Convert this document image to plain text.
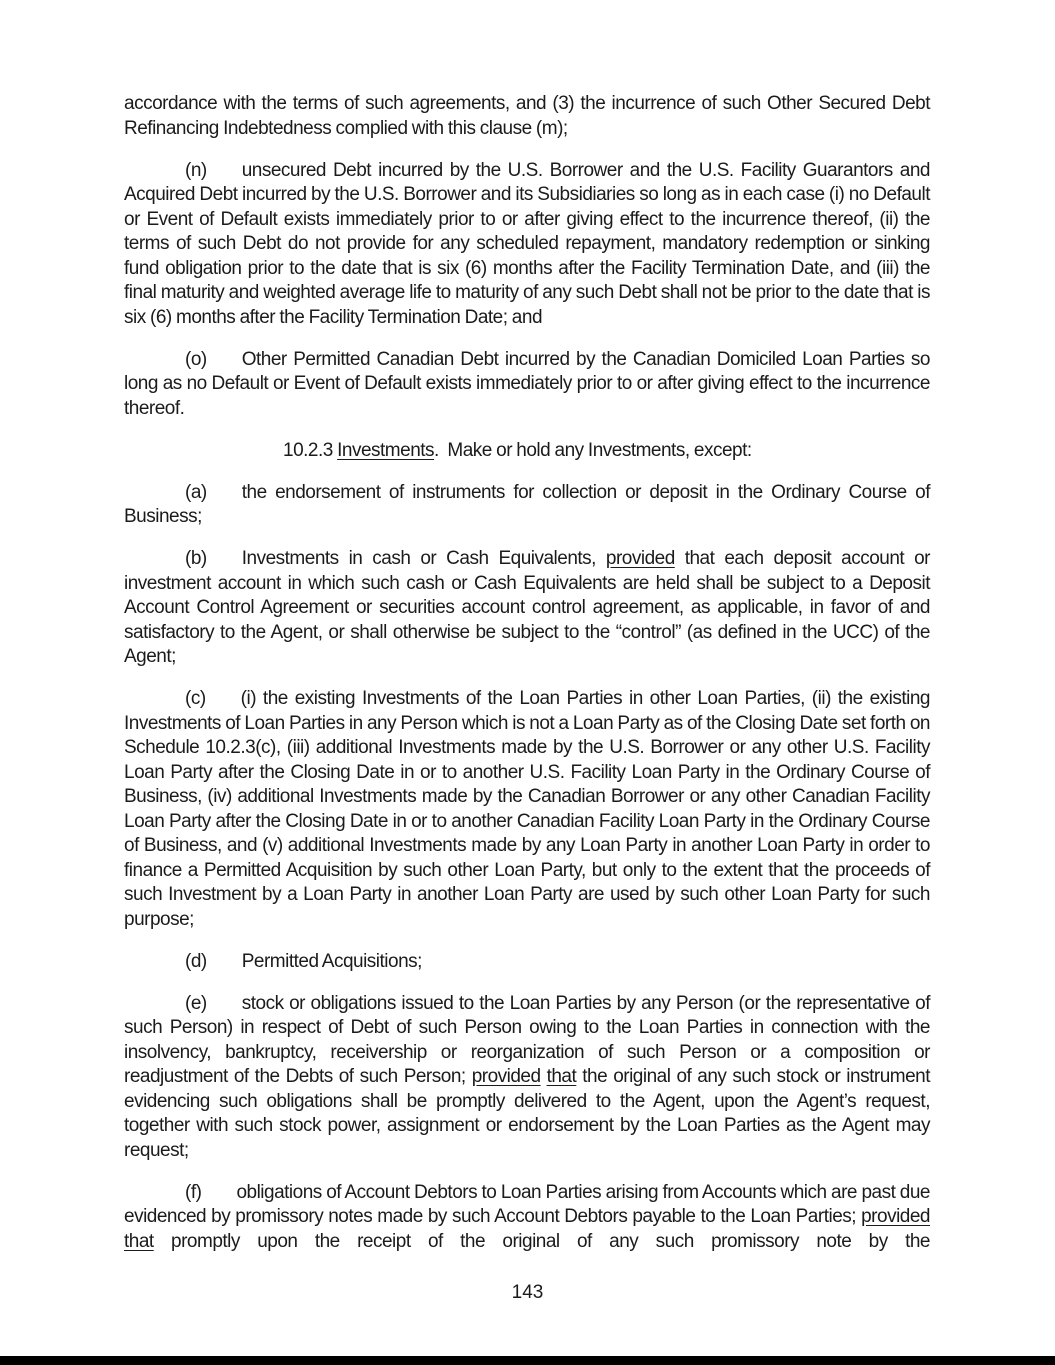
accordance with the terms of such agreements, and (3) the incurrence of such Other Secured Debt Refinancing Indebtedness complied with this clause (m);

(n) unsecured Debt incurred by the U.S. Borrower and the U.S. Facility Guarantors and Acquired Debt incurred by the U.S. Borrower and its Subsidiaries so long as in each case (i) no Default or Event of Default exists immediately prior to or after giving effect to the incurrence thereof, (ii) the terms of such Debt do not provide for any scheduled repayment, mandatory redemption or sinking fund obligation prior to the date that is six (6) months after the Facility Termination Date, and (iii) the final maturity and weighted average life to maturity of any such Debt shall not be prior to the date that is six (6) months after the Facility Termination Date; and

(o) Other Permitted Canadian Debt incurred by the Canadian Domiciled Loan Parties so long as no Default or Event of Default exists immediately prior to or after giving effect to the incurrence thereof.

10.2.3 Investments.  Make or hold any Investments, except:

(a) the endorsement of instruments for collection or deposit in the Ordinary Course of Business;

(b) Investments in cash or Cash Equivalents, provided that each deposit account or investment account in which such cash or Cash Equivalents are held shall be subject to a Deposit Account Control Agreement or securities account control agreement, as applicable, in favor of and satisfactory to the Agent, or shall otherwise be subject to the “control” (as defined in the UCC) of the Agent;

(c) (i) the existing Investments of the Loan Parties in other Loan Parties, (ii) the existing Investments of Loan Parties in any Person which is not a Loan Party as of the Closing Date set forth on Schedule 10.2.3(c), (iii) additional Investments made by the U.S. Borrower or any other U.S. Facility Loan Party after the Closing Date in or to another U.S. Facility Loan Party in the Ordinary Course of Business, (iv) additional Investments made by the Canadian Borrower or any other Canadian Facility Loan Party after the Closing Date in or to another Canadian Facility Loan Party in the Ordinary Course of Business, and (v) additional Investments made by any Loan Party in another Loan Party in order to finance a Permitted Acquisition by such other Loan Party, but only to the extent that the proceeds of such Investment by a Loan Party in another Loan Party are used by such other Loan Party for such purpose;

(d) Permitted Acquisitions;

(e) stock or obligations issued to the Loan Parties by any Person (or the representative of such Person) in respect of Debt of such Person owing to the Loan Parties in connection with the insolvency, bankruptcy, receivership or reorganization of such Person or a composition or readjustment of the Debts of such Person; provided that the original of any such stock or instrument evidencing such obligations shall be promptly delivered to the Agent, upon the Agent’s request, together with such stock power, assignment or endorsement by the Loan Parties as the Agent may request;

(f) obligations of Account Debtors to Loan Parties arising from Accounts which are past due evidenced by promissory notes made by such Account Debtors payable to the Loan Parties; provided that promptly upon the receipt of the original of any such promissory note by the

143
